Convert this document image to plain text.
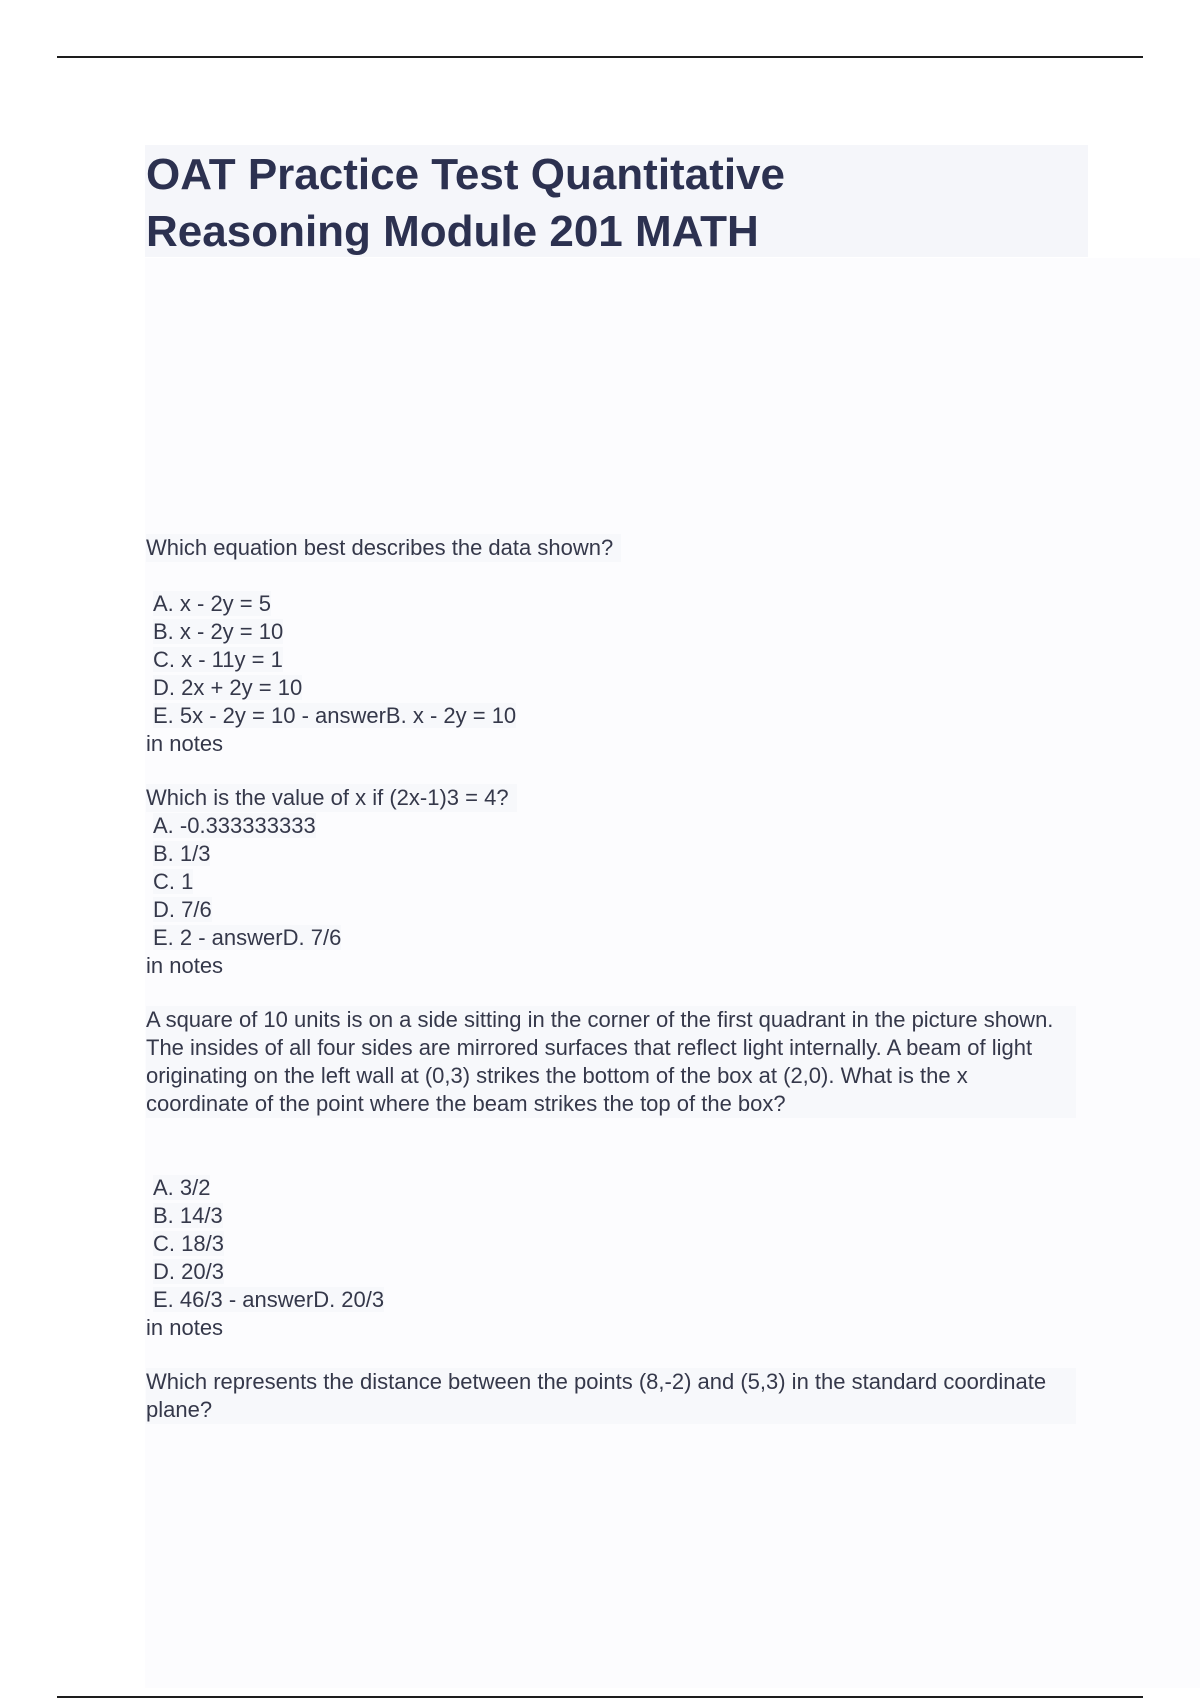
OAT Practice Test Quantitative
Reasoning Module 201 MATH
Which equation best describes the data shown?
A. x - 2y = 5
B. x - 2y = 10
C. x - 11y = 1
D. 2x + 2y = 10
E. 5x - 2y = 10 - answerB. x - 2y = 10
in notes
Which is the value of x if (2x-1)3 = 4?
A. -0.333333333
B. 1/3
C. 1
D. 7/6
E. 2 - answerD. 7/6
in notes
A square of 10 units is on a side sitting in the corner of the first quadrant in the picture shown. The insides of all four sides are mirrored surfaces that reflect light internally. A beam of light originating on the left wall at (0,3) strikes the bottom of the box at (2,0). What is the x coordinate of the point where the beam strikes the top of the box?
A. 3/2
B. 14/3
C. 18/3
D. 20/3
E. 46/3 - answerD. 20/3
in notes
Which represents the distance between the points (8,-2) and (5,3) in the standard coordinate plane?
